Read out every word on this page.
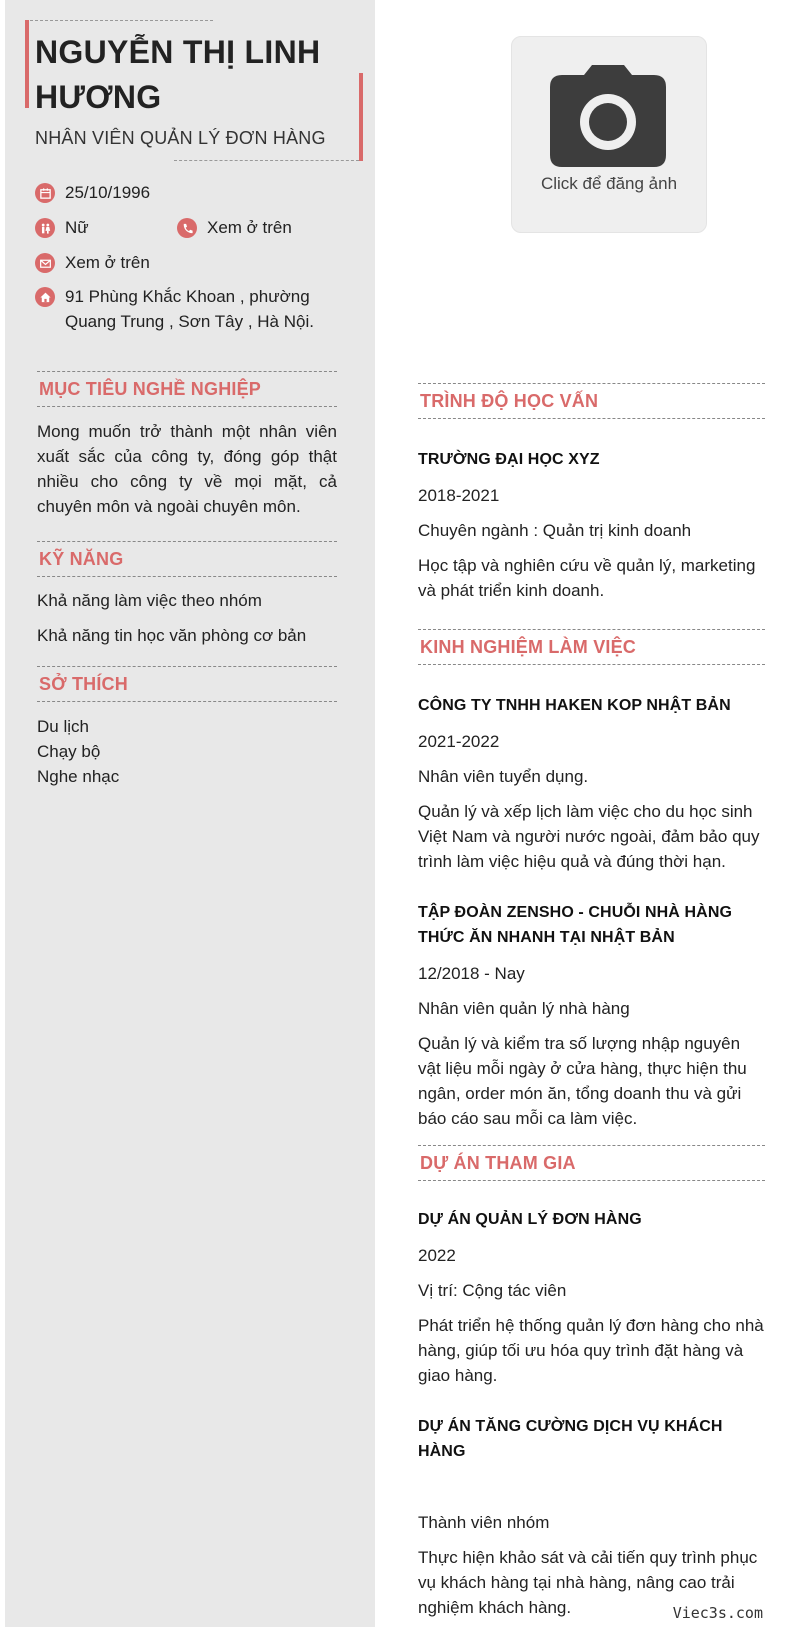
NGUYỄN THỊ LINH HƯƠNG
NHÂN VIÊN QUẢN LÝ ĐƠN HÀNG
25/10/1996
Nữ	Xem ở trên
Xem ở trên
91 Phùng Khắc Khoan , phường Quang Trung , Sơn Tây , Hà Nội.
MỤC TIÊU NGHỀ NGHIỆP
Mong muốn trở thành một nhân viên xuất sắc của công ty, đóng góp thật nhiều cho công ty về mọi mặt, cả chuyên môn và ngoài chuyên môn.
KỸ NĂNG
Khả năng làm việc theo nhóm
Khả năng tin học văn phòng cơ bản
SỞ THÍCH
Du lịch
Chạy bộ
Nghe nhạc
Click để đăng ảnh
TRÌNH ĐỘ HỌC VẤN
TRƯỜNG ĐẠI HỌC XYZ
2018-2021
Chuyên ngành : Quản trị kinh doanh
Học tập và nghiên cứu về quản lý, marketing và phát triển kinh doanh.
KINH NGHIỆM LÀM VIỆC
CÔNG TY TNHH HAKEN KOP NHẬT BẢN
2021-2022
Nhân viên tuyển dụng.
Quản lý và xếp lịch làm việc cho du học sinh Việt Nam và người nước ngoài, đảm bảo quy trình làm việc hiệu quả và đúng thời hạn.
TẬP ĐOÀN ZENSHO - CHUỖI NHÀ HÀNG THỨC ĂN NHANH TẠI NHẬT BẢN
12/2018 - Nay
Nhân viên quản lý nhà hàng
Quản lý và kiểm tra số lượng nhập nguyên vật liệu mỗi ngày ở cửa hàng, thực hiện thu ngân, order món ăn, tổng doanh thu và gửi báo cáo sau mỗi ca làm việc.
DỰ ÁN THAM GIA
DỰ ÁN QUẢN LÝ ĐƠN HÀNG
2022
Vị trí: Cộng tác viên
Phát triển hệ thống quản lý đơn hàng cho nhà hàng, giúp tối ưu hóa quy trình đặt hàng và giao hàng.
DỰ ÁN TĂNG CƯỜNG DỊCH VỤ KHÁCH HÀNG
Thành viên nhóm
Thực hiện khảo sát và cải tiến quy trình phục vụ khách hàng tại nhà hàng, nâng cao trải nghiệm khách hàng.	Viec3s.com
